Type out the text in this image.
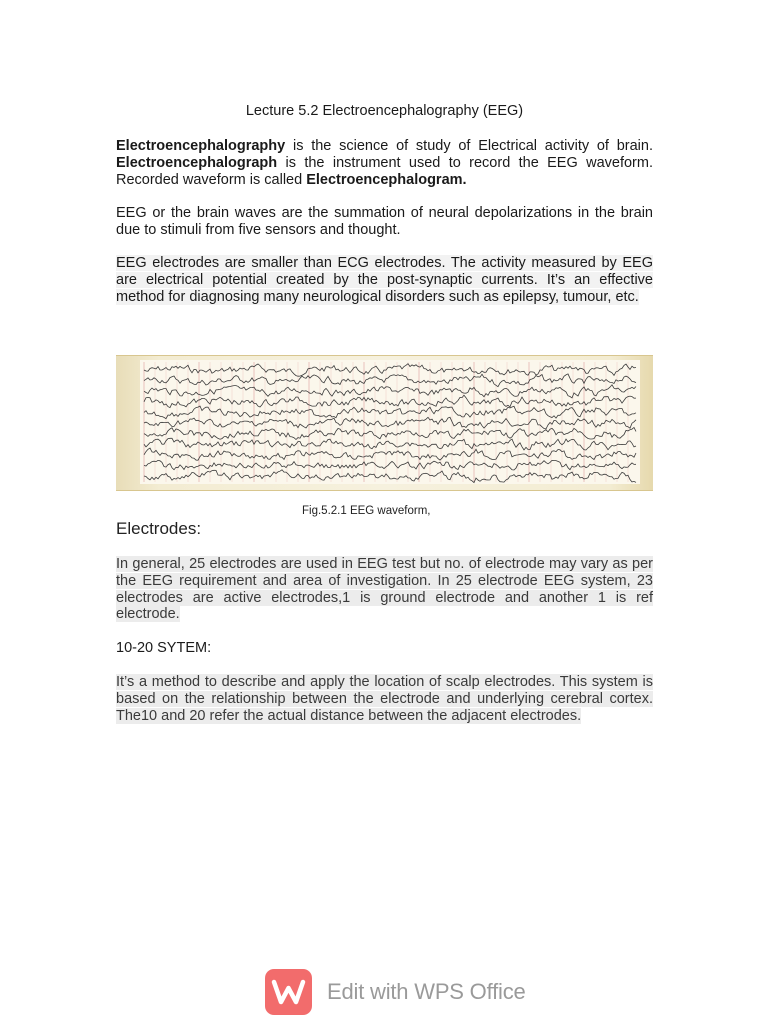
Lecture 5.2 Electroencephalography (EEG)

Electroencephalography is the science of study of Electrical activity of brain. Electroencephalograph is the instrument used to record the EEG waveform. Recorded waveform is called Electroencephalogram.

EEG or the brain waves are the summation of neural depolarizations in the brain due to stimuli from five sensors and thought.

EEG electrodes are smaller than ECG electrodes. The activity measured by EEG are electrical potential created by the post-synaptic currents. It’s an effective method for diagnosing many neurological disorders such as epilepsy, tumour, etc.

Fig.5.2.1 EEG waveform,
Electrodes:

In general, 25 electrodes are used in EEG test but no. of electrode may vary as per the EEG requirement and area of investigation. In 25 electrode EEG system, 23 electrodes are active electrodes,1 is ground electrode and another 1 is ref electrode.

10-20 SYTEM:

It’s a method to describe and apply the location of scalp electrodes. This system is based on the relationship between the electrode and underlying cerebral cortex. The10 and 20 refer the actual distance between the adjacent electrodes.

Edit with WPS Office
